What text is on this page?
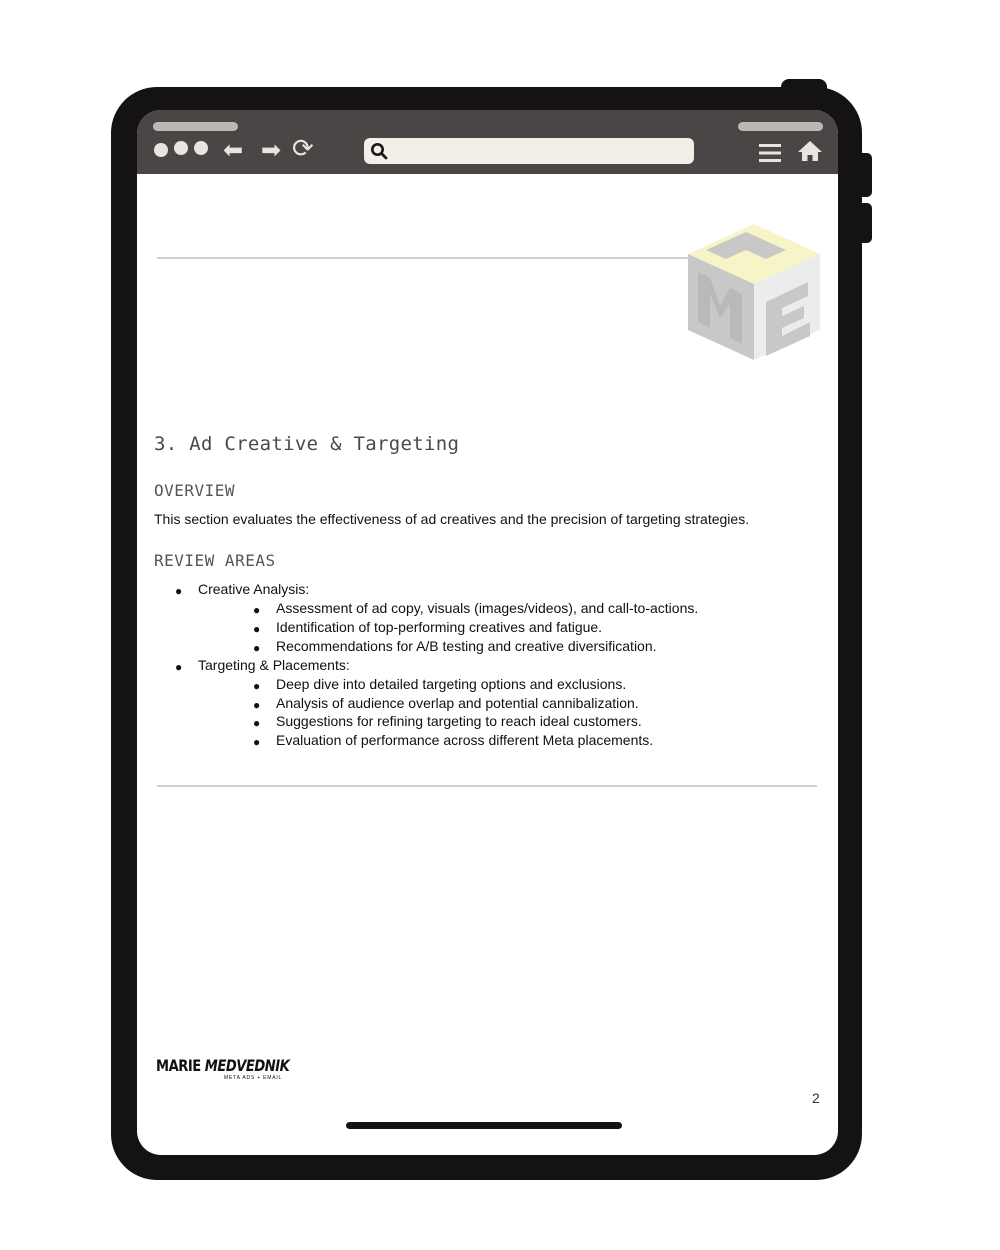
⬅ ➡ ⟳
3. Ad Creative & Targeting
OVERVIEW
This section evaluates the effectiveness of ad creatives and the precision of targeting strategies.
REVIEW AREAS
● Creative Analysis:
● Assessment of ad copy, visuals (images/videos), and call-to-actions.
● Identification of top-performing creatives and fatigue.
● Recommendations for A/B testing and creative diversification.
● Targeting & Placements:
● Deep dive into detailed targeting options and exclusions.
● Analysis of audience overlap and potential cannibalization.
● Suggestions for refining targeting to reach ideal customers.
● Evaluation of performance across different Meta placements.
MARIE MEDVEDNIK
META ADS + EMAIL
2
